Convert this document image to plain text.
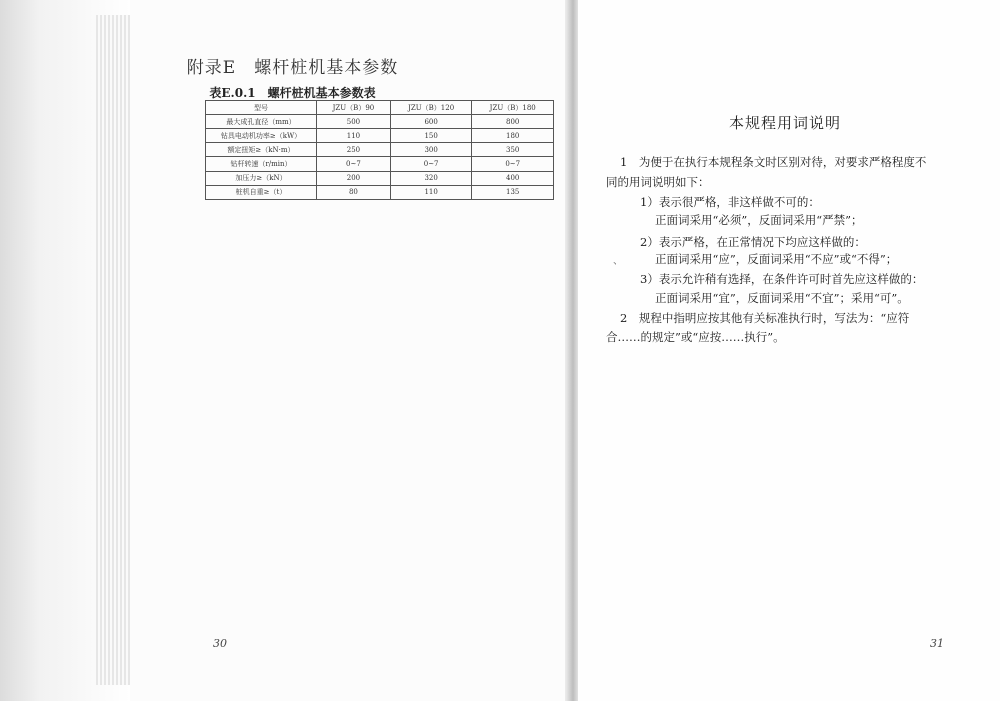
附录E　螺杆桩机基本参数
表E.0.1　螺杆桩机基本参数表
型号	JZU（B）90	JZU（B）120	JZU（B）180
最大成孔直径（mm）	500	600	800
钻具电动机功率≥（kW）	110	150	180
额定扭矩≥（kN·m）	250	300	350
钻杆转速（r/min）	0~7	0~7	0~7
加压力≥（kN）	200	320	400
桩机自重≥（t）	80	110	135
30
本规程用词说明
1　为便于在执行本规程条文时区别对待，对要求严格程度不
同的用词说明如下：
1）表示很严格，非这样做不可的：
正面词采用“必须”，反面词采用“严禁”；
2）表示严格，在正常情况下均应这样做的：
、	正面词采用“应”，反面词采用“不应”或“不得”；
3）表示允许稍有选择，在条件许可时首先应这样做的：
正面词采用“宜”，反面词采用“不宜”；采用“可”。
2　规程中指明应按其他有关标准执行时，写法为：“应符
合……的规定”或“应按……执行”。
31
